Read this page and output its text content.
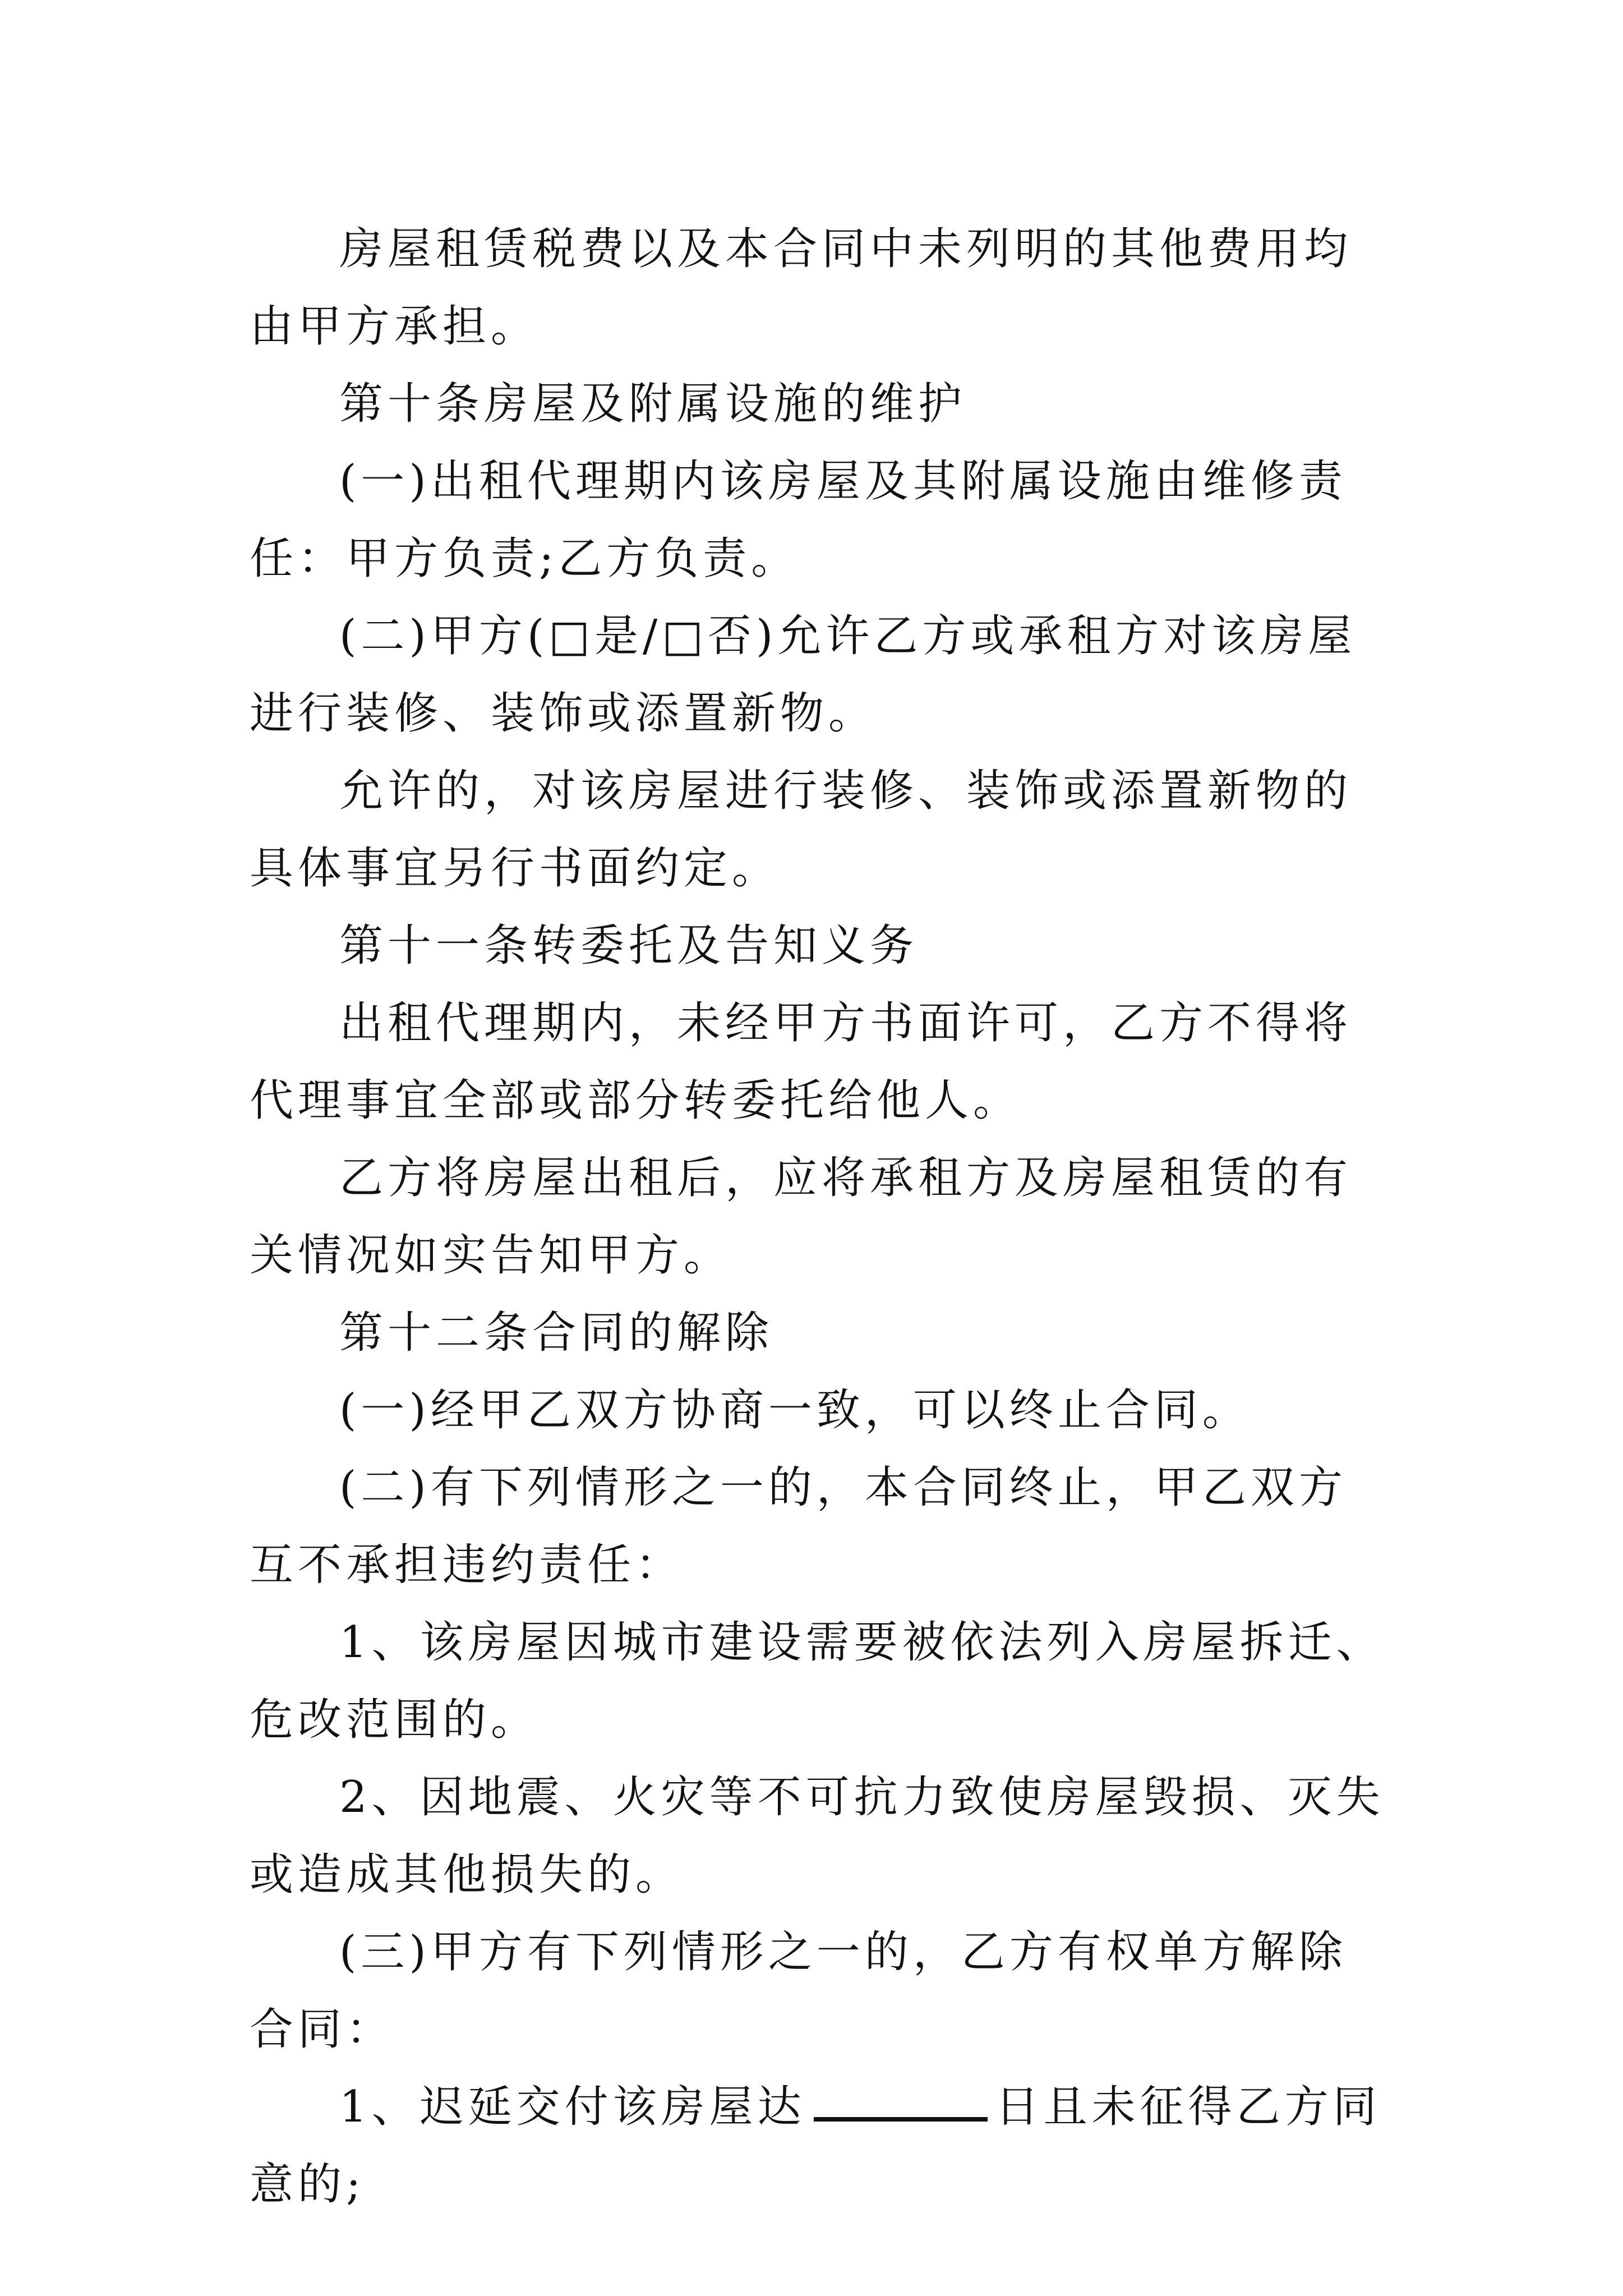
房屋租赁税费以及本合同中未列明的其他费用均由甲方承担。

第十条房屋及附属设施的维护

(一)出租代理期内该房屋及其附属设施由维修责任：甲方负责;乙方负责。

(二)甲方(□是/□否)允许乙方或承租方对该房屋进行装修、装饰或添置新物。

允许的，对该房屋进行装修、装饰或添置新物的具体事宜另行书面约定。

第十一条转委托及告知义务

出租代理期内，未经甲方书面许可，乙方不得将代理事宜全部或部分转委托给他人。

乙方将房屋出租后，应将承租方及房屋租赁的有关情况如实告知甲方。

第十二条合同的解除

(一)经甲乙双方协商一致，可以终止合同。

(二)有下列情形之一的，本合同终止，甲乙双方互不承担违约责任：

1、该房屋因城市建设需要被依法列入房屋拆迁、危改范围的。

2、因地震、火灾等不可抗力致使房屋毁损、灭失或造成其他损失的。

(三)甲方有下列情形之一的，乙方有权单方解除合同：

1、迟延交付该房屋达	日且未征得乙方同意的;
